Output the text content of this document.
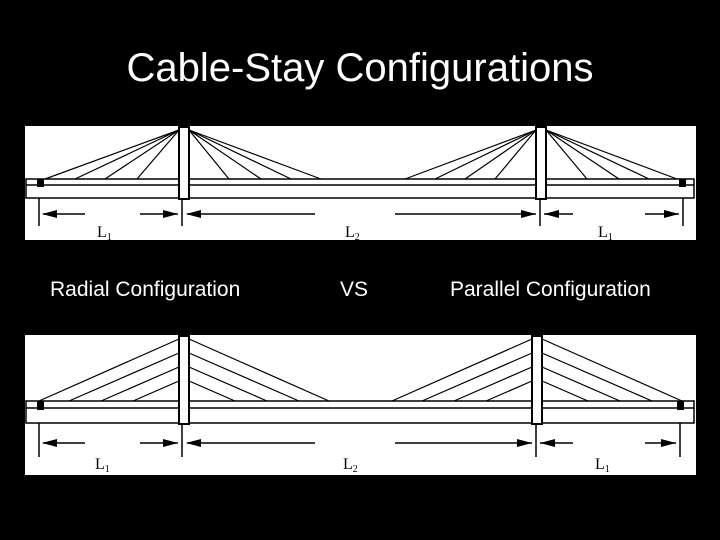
Cable-Stay Configurations
L1	L2	L1
Radial Configuration	VS	Parallel Configuration
L1	L2	L1
